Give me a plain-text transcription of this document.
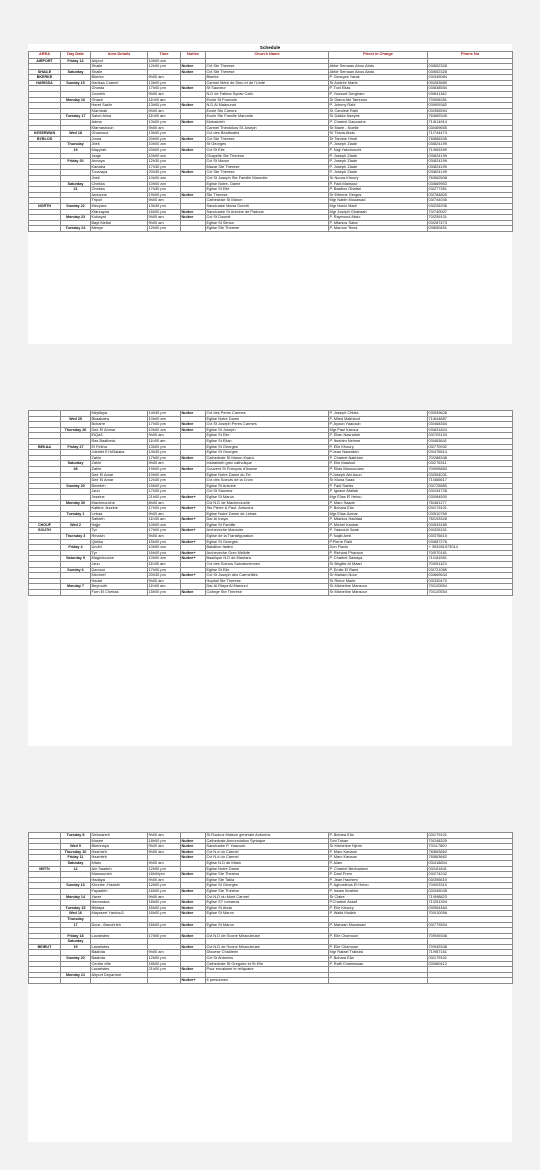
Schedule
AREA	Day Date	Area Details	Time	Nuitee	Church Name	Priest in Charge	Phone No
AIRPORT	Friday 13	Airport	10h00 am				
		Shaile	12h00 pm	Nuitee	Cvt Ste Therese	Abbe Semaan Abou Abdo	03/652328
SHAILE	Saturday	Shaile		Nuitee	Cvt Ste Therese	Abbe Semaan Abou Abdo	03/652328
BKERKE		Bkerke	9h00 am		Bkerke	P. Georges Yarak	03/349084
HARISSA	Sunday 15	Harissa Carmel	13h00 pm		Carmel Mère de Dieu et de l'Unité	Sr Andrée Marie	09/263889
		Ghosta	17h00 pm	Nuitee	St Sauveur	P. Toni Elias	03/838554
		Jounieh	9h00 am		N.D de Fatima Syriac Cath.	P. Youssef Dergham	03/841182
	Monday 16	Ghazir	11h00 am		Ecole St Francois	Sr Diana Abi Tamrous	70/506281
		Haret Sakhr	13h00 pm	Nuitee	N.D Al Maâounat	P. Johnny Rahi	03/909382
		Kfarhbab	9h00 am		Ecole Sts Coeurs	Sr Caroline Rahi	03/355594
	Tuesday 17	Sahel Alma	11h00 am		Ecole Ste Famille Maronite	Sr Dalida Nseyek	76/669345
		Adma	13h00 pm	Nuitee	Motrainieh	P. Charbel Daccache	71/614914
		Kfarnashoun	9h00 am		Carmel Theotokos St Joseph	Sr Marie - Noelle	03/469655
KESERWAN	Wed 18	Gharzouz	13h00 pm		Cvt des Beatitudes	Sr Tidola Abdo	71/744473
BYBLOS		Joura	20h00 pm	Nuitee	Cvt Ste Therese	Sr Tamine Hindi	78/886345
	Thursday	Jbeil	10h00 am		St Georges	P. Joseph Ziade	03/824199
	19	Mayyrah	20h00 pm	Nuitee	Cvt St Elie	P. Naji Yakchouchi	71/963399
		Jeaje	10h00 am		Chapelle Ste Therese	P. Joseph Ziade	03/824199
	Friday 20	Annaya	12h30 pm		Cvt St Maron	P. Joseph Ziade	03/824199
		Kartaba	17h30 pm		Mazar Ste Therese	P. Joseph Ziade	03/824199
		Tourzaya	20h30 pm	Nuitee	Cvt Ste Therese	P. Joseph Ziade	03/824199
		Jbeil	10h00 am		Cvt St Joseph Ste Famille Maronite	Sr Noura Khoury	76/562508
	Saturday	Chekka	10h00 am		Eglise Notre- Dame	P. Fadi Mansour	03/669953
	21	Chekka	17h30 pm		Eglise St Elie	P. Basilios Ghafari	03/277351
		Amioune	19h00 pm	Nuitee	Ste Therese	Sr Etienne Gerges	03/784800
		Tripoli	9h00 am		Cathedrale St Maron	Mgr Nabih Mouawad	03/744045
NORTH	Sunday 22	Mezyara	13h30 pm		Sanctuaire Maria Goretti	Mgr Mario Madi	03/226206
		Kfarzayna	16h00 pm	Nuitee	Sanctuaire St Antoine de Padoue	Mgr Joseph Ghabash	70/740007
	Monday 23	Kobayat	9h00 am	Nuitee	Cvt St Doumit	P. Raymond Abdo	70/259101
		Bayt Mellat	9h00 am		Eglise St Simon	P. Mtanios Saba	03/287473
	Tuesday 24	Menye	12h00 pm		Eglise Ste Therese	P. Maroun Teres	03/690451
		Mejdlaya	14h30 pm	Nuitee	Cvt des Peres Carmes	P. Joseph Chlela	03/939628
	Wed 25	Bkaakafra	10h00 am		Eglise Notre Dame	P. Miled Makhlouf	71/644887
		Bcharre	17h00 pm	Nuitee	Cvt St Joseph Peres Carmes	P. Ayoub Yaacoub	03/468354
	Thursday 26	Deir El Ahmar	10h00 am	Nuitee	Eglise St Joseph	Mgr Paul Karouz	03/831824
		EtQa3	9h00 am		Eglise St Elie	P. Elian Nasrallah	03/703193
		Ras Baalbeck	11h00 am		Eglise St Elian	P. Ibrahim Nehme	03/463841
BEKAA	Friday 27	El Fekha	13h00 pm		Eglise St Georges	P. Elie Khoury	03/770932
		Jdeidet El M3alaka	14h30 pm		Eglise St Georges	P.Jean Nasrallah	03/476514
		Zahle	17h00 pm	Nuitee	Cathedrale St Maron Ksara	P. Charbel Nakhtan	70/288348
	Saturday	Zahle	9h00 am		Instrainieh grec catholique	P. Elie Maalouf	03/276311
	28	Zahle	19h00 pm	Nuitee	Couvent St François d'Assise	P. Elias Maroounian	70/995883
		Deir El Amar	10h00 am		Eglise Notre Dame du Tel	P.Joseph Abi Aoun	03/394031
		Deir El Amar	12h30 pm		Cvt des Soeurs de la Croix	Sr Mona Saad	71/466617
	Sunday 29	Bmeileh	15h00 pm		Eglise St Antoine	P. Fadi Sarkis	03/725880
		Jzun	17h30 pm		Cvt St Sauveur	P. Ignace Atallah	03/194728
		Jezzine	21h00 pm	Nuitee+	Eglise St Maron	Mgr Elias El Helou	03/084500
	Monday 30	Machmouche	8h00 am		Cvt N.D de Machmouche	P. Marc Saade	76/461177
		Kattine Jezzine	17h00 pm	Nuitee+	Sts Pierre & Paul- Antonins	P. Bchara Elia	03/179101
	Tuesday 1	Lebaa	9h00 am		Eglise Notre Dame de Lebaa	Mgr Elias Azmar	03/510769
		Salhieh	11h00 am	Nuitee+	Dar Al Inaya	P. Mtanios Haddad	76/193328
CHOUF	Wed 2	Hajje	10h00 am		Eglise St Famille	P. Michel Kanbar	03/533189
SOUTH		Tyr	17h00 pm	Nuitee+	Archeveche Maronite	P. Yaacoub Saab	03/326151
	Thursday 3	Rmaich	9h00 am		Eglise de la Transfiguration	P. Najib Amil	03/376615
		Qleiâa	15h00 pm	Nuitee+	Eglise St Georges	P.Pierre Rahi	03/887276
	Friday 4	Undhl	10h00 am		Bataillon Italien	Don Flavio	+ 393281973014
		Tyr	16h00 pm	Nuitee+	Archeveche Grec Melkite	P. Richard Pharaon	70/070161
	Saturday 5	Maghdouche	10h00 am	Nuitee+	Basilique N.D de Mantara	P. Charbel Sawaya	71/181551
		Jzun	11h30 am		Cvt des Soeurs Salvatoriennes	Sr Brigitte Al Maari	70/051123
	Sunday 6	Damour	17h00 pm		Eglise St Elie	P. Emile El Rami	03/721089
		Mechref	20h30 pm	Nuitee+	Cvt St Joseph des Carmelites	Sr Mariam Nour	03/669644
		Hadat	9h00 am		Hopital Ste Therese	Sr Reine Marie	03/330470
	Monday 7	Beyrouth	11h00 am		Dar Al Riaya Al Marouni	Sr Micheline Mansour	70/120554
		Furn El Chebak	15h00 pm	Nuitee	College Ste Therese	Sr Micheline Mansour	70/120554
	Tuesday 8	Dekwaneh	9h00 am		St Roukoz Maison generale Antonins	P. Bchara Elia	03/179101
		Museé	18h00 pm	Nuitee	Cathedrale Annonciation Syriaque	Toni Tahan	70/248325
	Wed 9	Bkennaya	9h00 am	Nuitee	Sanctuaire P. Yaacoub	Sr Micheline Njeim	70/117800
	Thursday 10	Hazmieh	9h00 am	Nuitee	Cvt N.d du Carmel	P. Marc Kanaan	78/863662
	Friday 11	Hazmieh		Nuitee	Cvt N.d du Carmel	P. Marc Kanaan	78/863662
	Saturday	Mtain	9h00 am		Eglise N.D de Mtain	P. Alam	03/418804
METN	12	Ain Saadeh	12h00 pm		Eglise Notre Dame	P. Charbel Bechaalani	03/161841
		Mansourieh	16h00pm	Nuitee	Eglise Ste Therese	P. Dani Frem	03/274242
		Hadaya	9h00 am		Eglise Ste Takla	P. Jean Hachem	03/395610
	Sunday 13	Khreibe -Hadath	12h00 pm		Eglise St Georges	P. Aghostinos El Helou	70/003310
		Fayadieh	16h00 pm	Nuitee	Eglise Ste Thérèse	P. Issam Ibrahim	03/345045
	Monday 14	Yarze	9h00 am		Cvt N.D du Mont Carmel	Sr Claire	71/998823
		Hammana	16h00 pm	Nuitee	Eglise ST romanos	P.Charbel Assaf	71/251304
	Tuesday 15	Bikfaya	16h00 pm	Nuitee	Eglise St Abda	P. Elie Khoury	03/954464
	Wed 16	Mayrazet Yashou3	16h00 pm	Nuitee	Eglise St Maron	P. Walid Mallah	70/010056
	Thursday						
	17	Dora - Bauchrieh	16h00 pm	Nuitee	Eglise St Maron	P. Marwan Mouawad	03/773504

	Friday 18	Lazaristes	17h00 pm	Nuitee	Cvt N.D de l'Icone Miraculeuse	P. Elie Chamoun	70/949348
	Saturday						
BEIRUT	19	Lazaristes		Nuitee	Cvt N.D de l'Icone Miraculeuse	P. Elie Chamoun	70/949348
		Baabda	9h00 am		Diocese Chaldeen	Mgr Rafael Trabulsi	71/987161
	Sunday 20	Baabda	12h00 pm		Cvt St Antonins	P. Bchara Elia	03/179101
		Centre ville	18h00 pm		Cathedrale St Gregoire et St Elie	P. Raffi Chanessian	03/580412
		Lazaristes	21h00 pm	Nuitee	Pour encaisser le reliquaire		
	Monday 21	Airport Departure					
				Nuitee+	6 personnes		
